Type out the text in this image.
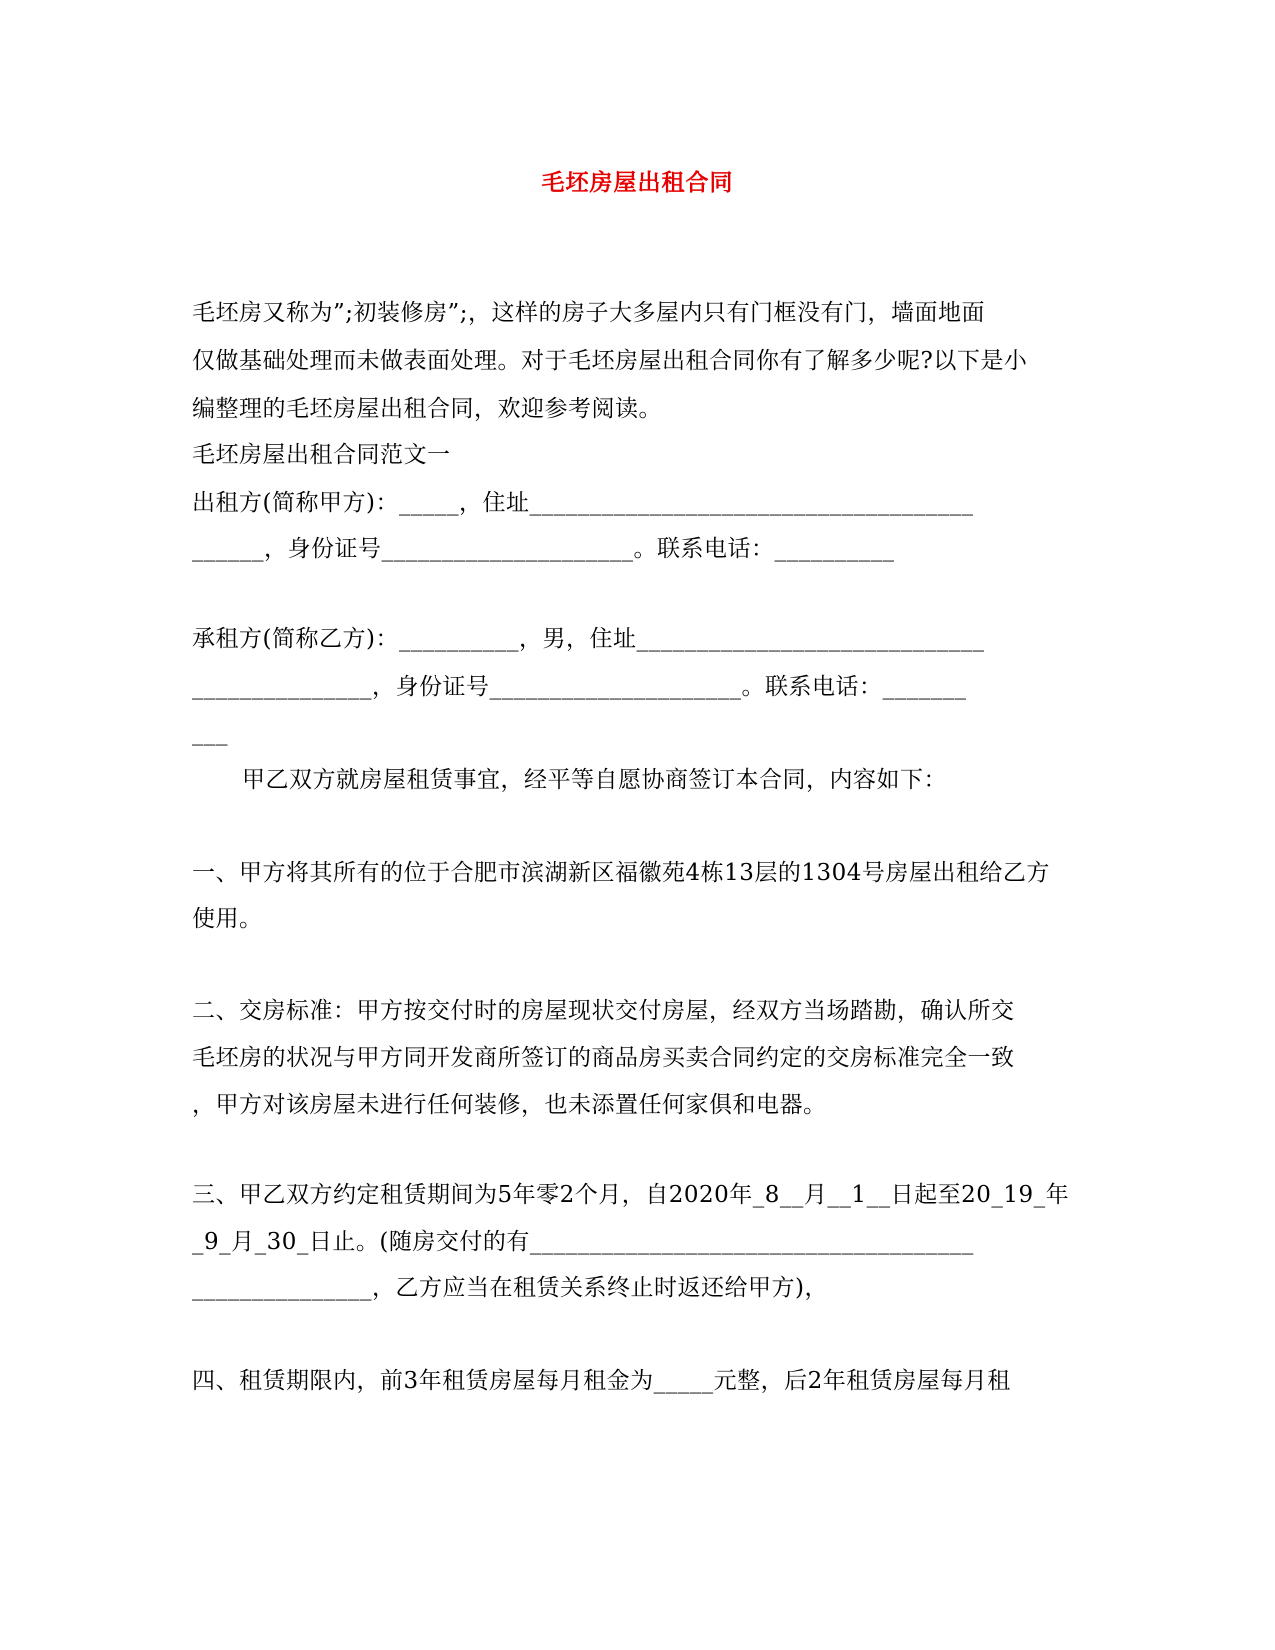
毛坯房屋出租合同
毛坯房又称为”;初装修房”;，这样的房子大多屋内只有门框没有门，墙面地面
仅做基础处理而未做表面处理。对于毛坯房屋出租合同你有了解多少呢?以下是小
编整理的毛坯房屋出租合同，欢迎参考阅读。
毛坯房屋出租合同范文一
出租方(简称甲方)：_____，住址_____________________________________
______，身份证号_____________________。联系电话：__________
承租方(简称乙方)：__________，男，住址_____________________________
_______________，身份证号_____________________。联系电话：_______
___
甲乙双方就房屋租赁事宜，经平等自愿协商签订本合同，内容如下：
一、甲方将其所有的位于合肥市滨湖新区福徽苑4栋13层的1304号房屋出租给乙方
使用。
二、交房标准：甲方按交付时的房屋现状交付房屋，经双方当场踏勘，确认所交
毛坯房的状况与甲方同开发商所签订的商品房买卖合同约定的交房标准完全一致
，甲方对该房屋未进行任何装修，也未添置任何家俱和电器。
三、甲乙双方约定租赁期间为5年零2个月，自2020年_8__月__1__日起至20_19_年
_9_月_30_日止。(随房交付的有_____________________________________
_______________，乙方应当在租赁关系终止时返还给甲方)，
四、租赁期限内，前3年租赁房屋每月租金为_____元整，后2年租赁房屋每月租
